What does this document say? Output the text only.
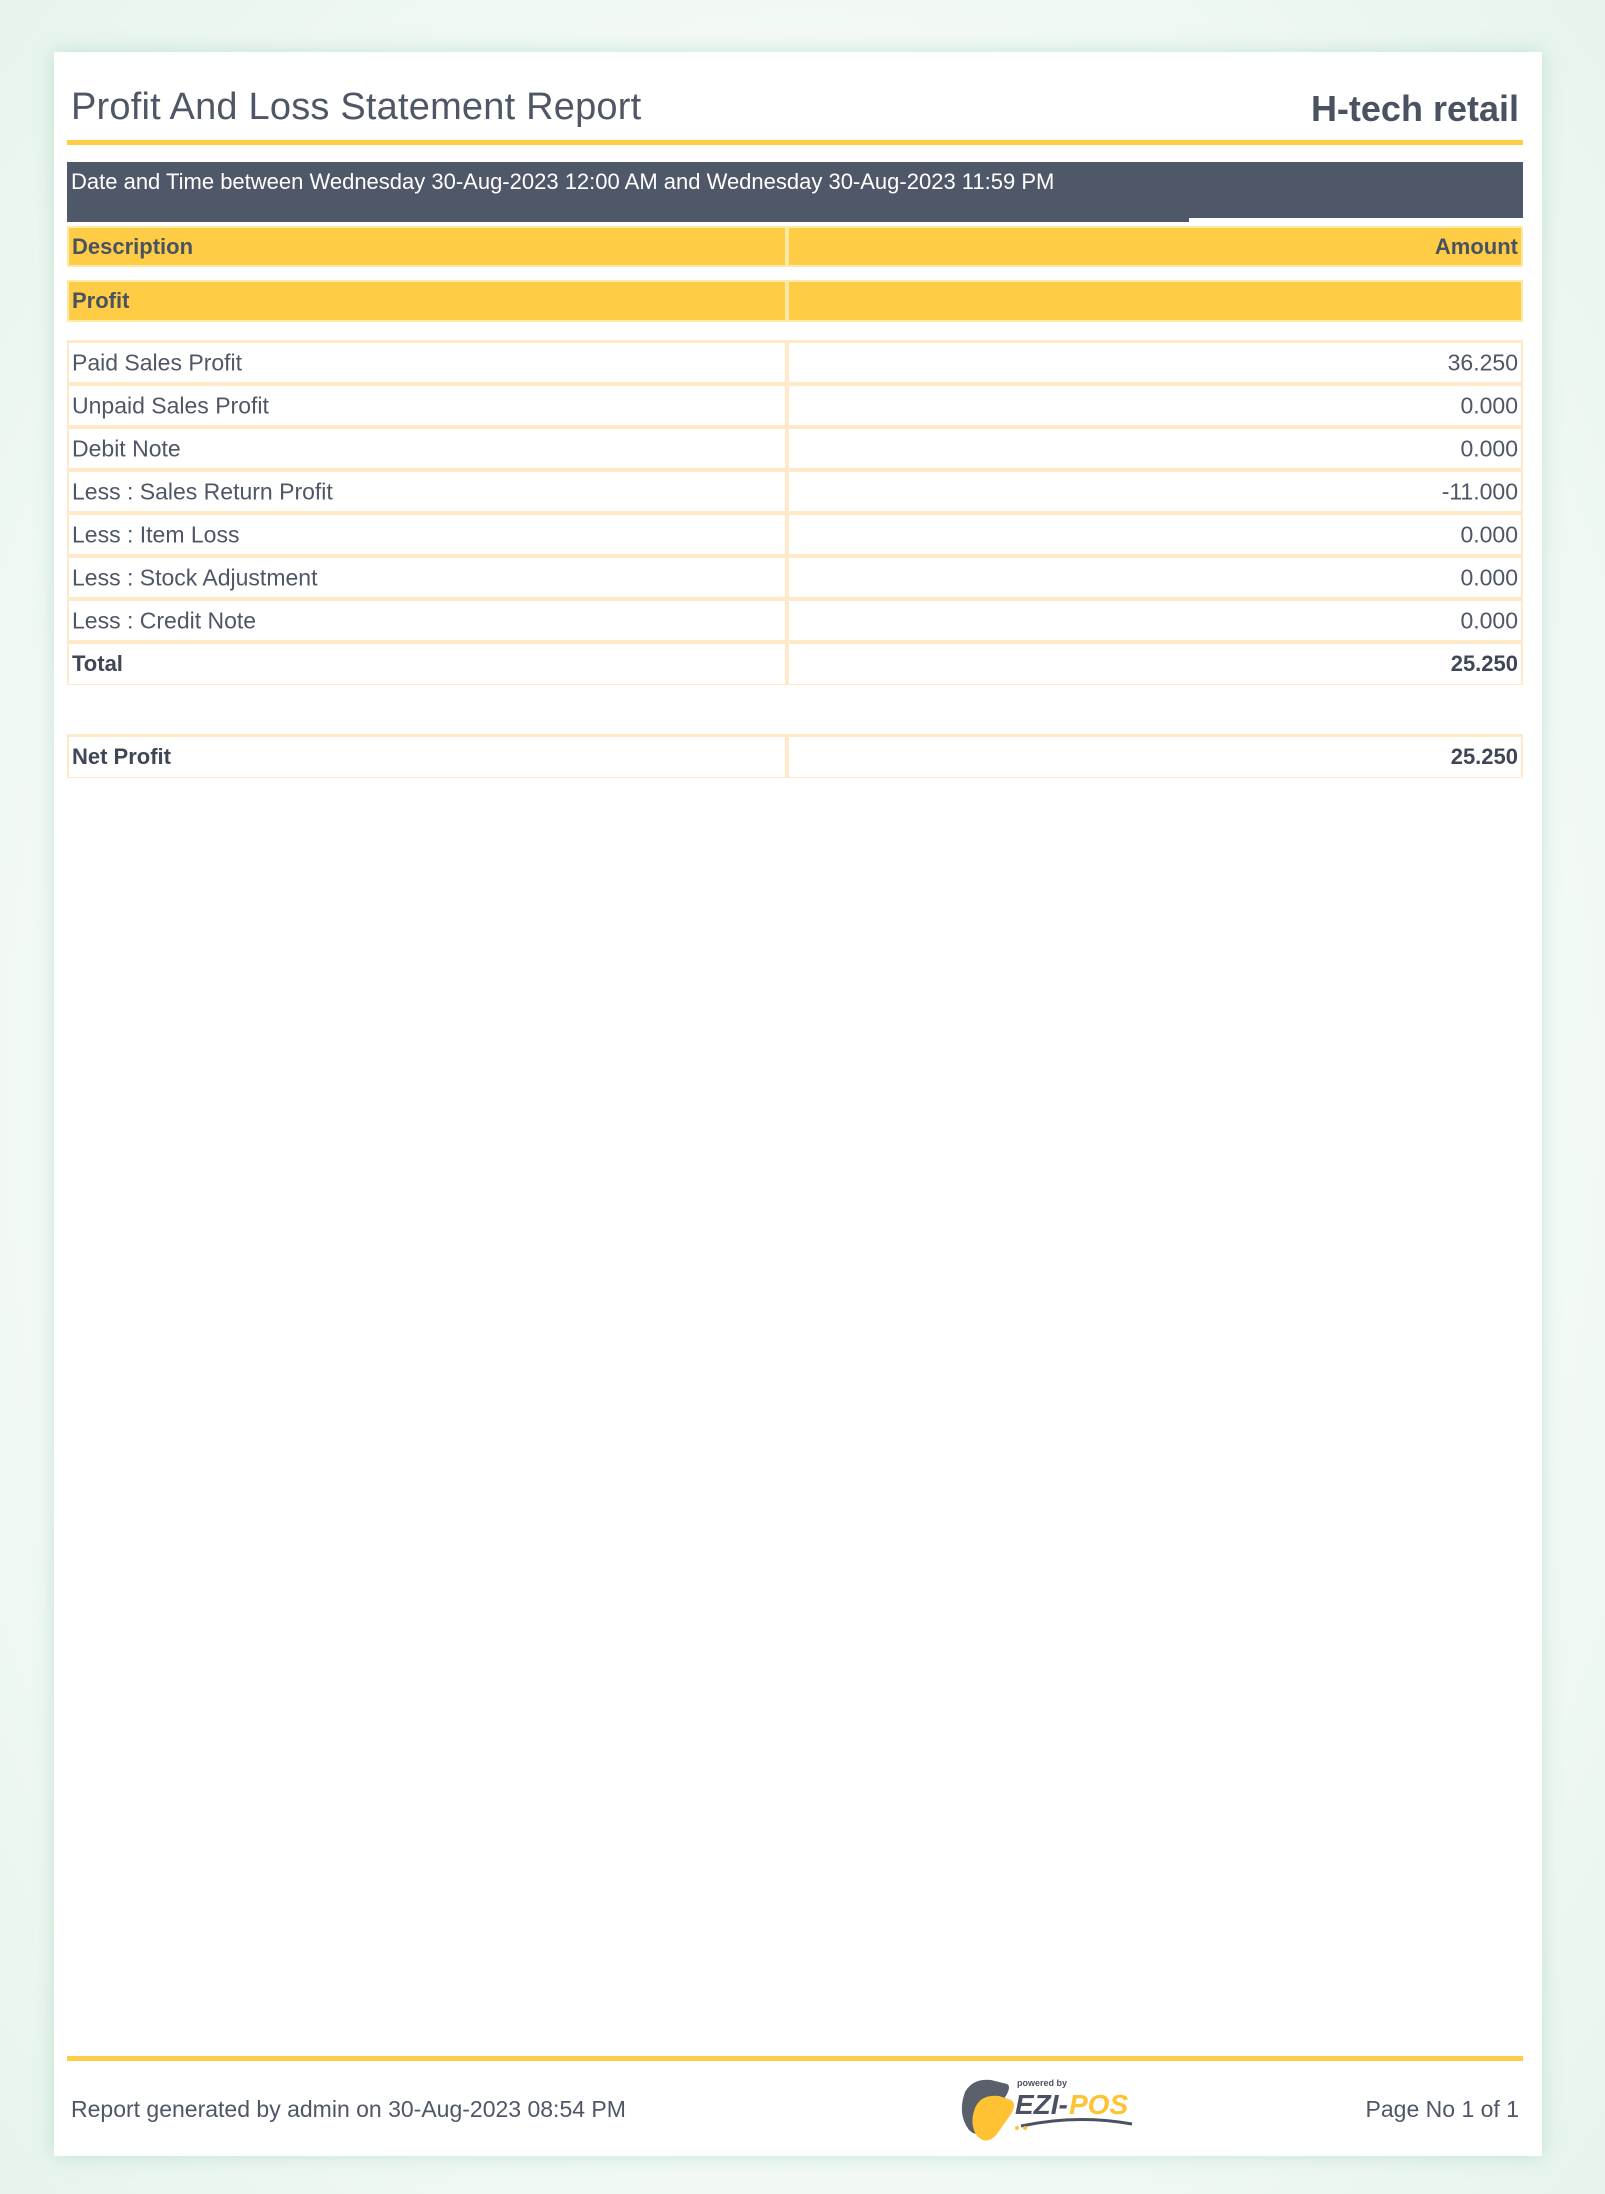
Profit And Loss Statement Report	H-tech retail
Date and Time between Wednesday 30-Aug-2023 12:00 AM and Wednesday 30-Aug-2023 11:59 PM
Description	Amount
Profit
Paid Sales Profit	36.250
Unpaid Sales Profit	0.000
Debit Note	0.000
Less : Sales Return Profit	-11.000
Less : Item Loss	0.000
Less : Stock Adjustment	0.000
Less : Credit Note	0.000
Total	25.250
Net Profit	25.250
Report generated by admin on 30-Aug-2023 08:54 PM
powered by
EZI- POS	Page No 1 of 1
